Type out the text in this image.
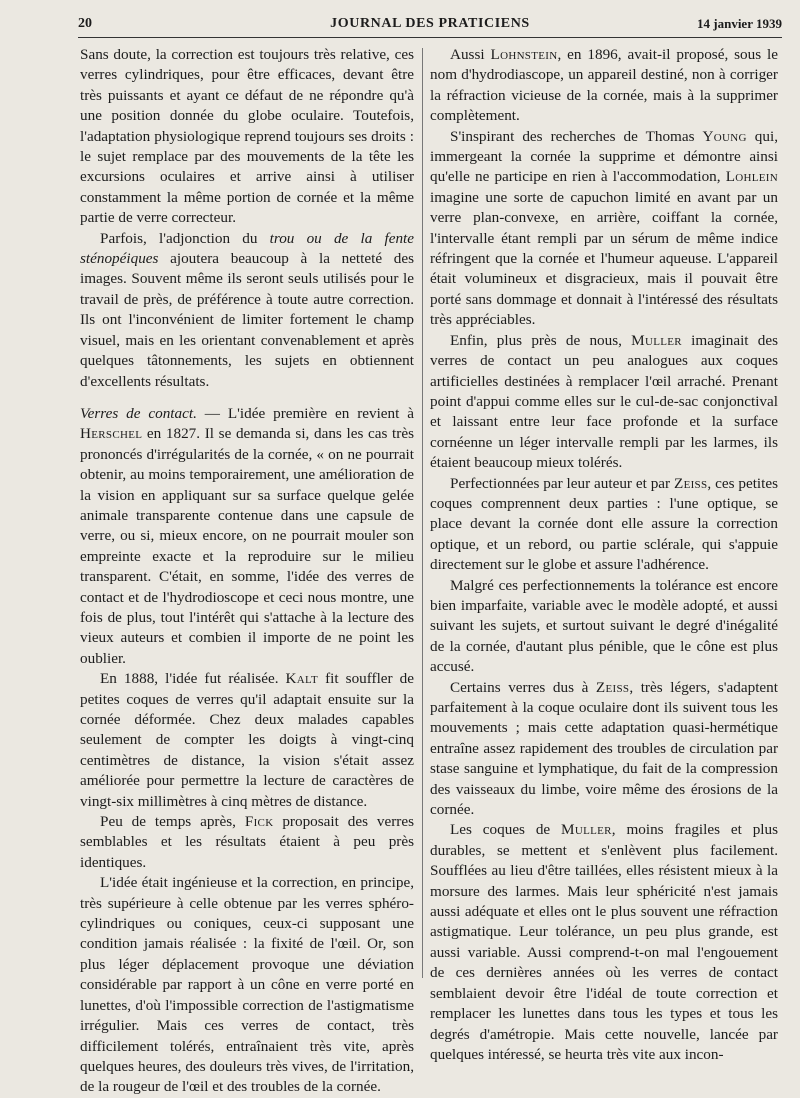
20	JOURNAL DES PRATICIENS	14 janvier 1939

Sans doute, la correction est toujours très relative, ces verres cylindriques, pour être efficaces, devant être très puissants et ayant ce défaut de ne répondre qu'à une position donnée du globe oculaire. Toutefois, l'adaptation physiologique reprend toujours ses droits : le sujet remplace par des mouvements de la tête les excursions oculaires et arrive ainsi à utiliser constamment la même portion de cornée et la même partie de verre correcteur.

Parfois, l'adjonction du trou ou de la fente sténopéiques ajoutera beaucoup à la netteté des images. Souvent même ils seront seuls utilisés pour le travail de près, de préférence à toute autre correction. Ils ont l'inconvénient de limiter fortement le champ visuel, mais en les orientant convenablement et après quelques tâtonnements, les sujets en obtiennent d'excellents résultats.

Verres de contact. — L'idée première en revient à Herschel en 1827. Il se demanda si, dans les cas très prononcés d'irrégularités de la cornée, « on ne pourrait obtenir, au moins temporairement, une amélioration de la vision en appliquant sur sa surface quelque gelée animale transparente contenue dans une capsule de verre, ou si, mieux encore, on ne pourrait mouler son empreinte exacte et la reproduire sur le milieu transparent. C'était, en somme, l'idée des verres de contact et de l'hydrodioscope et ceci nous montre, une fois de plus, tout l'intérêt qui s'attache à la lecture des vieux auteurs et combien il importe de ne point les oublier.

En 1888, l'idée fut réalisée. Kalt fit souffler de petites coques de verres qu'il adaptait ensuite sur la cornée déformée. Chez deux malades capables seulement de compter les doigts à vingt-cinq centimètres de distance, la vision s'était assez améliorée pour permettre la lecture de caractères de vingt-six millimètres à cinq mètres de distance.

Peu de temps après, Fick proposait des verres semblables et les résultats étaient à peu près identiques.

L'idée était ingénieuse et la correction, en principe, très supérieure à celle obtenue par les verres sphéro-cylindriques ou coniques, ceux-ci supposant une condition jamais réalisée : la fixité de l'œil. Or, son plus léger déplacement provoque une déviation considérable par rapport à un cône en verre porté en lunettes, d'où l'impossible correction de l'astigmatisme irrégulier. Mais ces verres de contact, très difficilement tolérés, entraînaient très vite, après quelques heures, des douleurs très vives, de l'irritation, de la rougeur de l'œil et des troubles de la cornée.

Aussi Lohnstein, en 1896, avait-il proposé, sous le nom d'hydrodiascope, un appareil destiné, non à corriger la réfraction vicieuse de la cornée, mais à la supprimer complètement.

S'inspirant des recherches de Thomas Young qui, immergeant la cornée la supprime et démontre ainsi qu'elle ne participe en rien à l'accommodation, Lohlein imagine une sorte de capuchon limité en avant par un verre plan-convexe, en arrière, coiffant la cornée, l'intervalle étant rempli par un sérum de même indice réfringent que la cornée et l'humeur aqueuse. L'appareil était volumineux et disgracieux, mais il pouvait être porté sans dommage et donnait à l'intéressé des résultats très appréciables.

Enfin, plus près de nous, Muller imaginait des verres de contact un peu analogues aux coques artificielles destinées à remplacer l'œil arraché. Prenant point d'appui comme elles sur le cul-de-sac conjonctival et laissant entre leur face profonde et la surface cornéenne un léger intervalle rempli par les larmes, ils étaient beaucoup mieux tolérés.

Perfectionnées par leur auteur et par Zeiss, ces petites coques comprennent deux parties : l'une optique, se place devant la cornée dont elle assure la correction optique, et un rebord, ou partie sclérale, qui s'appuie directement sur le globe et assure l'adhérence.

Malgré ces perfectionnements la tolérance est encore bien imparfaite, variable avec le modèle adopté, et aussi suivant les sujets, et surtout suivant le degré d'inégalité de la cornée, d'autant plus pénible, que le cône est plus accusé.

Certains verres dus à Zeiss, très légers, s'adaptent parfaitement à la coque oculaire dont ils suivent tous les mouvements ; mais cette adaptation quasi-hermétique entraîne assez rapidement des troubles de circulation par stase sanguine et lymphatique, du fait de la compression des vaisseaux du limbe, voire même des érosions de la cornée.

Les coques de Muller, moins fragiles et plus durables, se mettent et s'enlèvent plus facilement. Soufflées au lieu d'être taillées, elles résistent mieux à la morsure des larmes. Mais leur sphéricité n'est jamais aussi adéquate et elles ont le plus souvent une réfraction astigmatique. Leur tolérance, un peu plus grande, est aussi variable. Aussi comprend-t-on mal l'engouement de ces dernières années où les verres de contact semblaient devoir être l'idéal de toute correction et remplacer les lunettes dans tous les types et tous les degrés d'amétropie. Mais cette nouvelle, lancée par quelques intéressé, se heurta très vite aux incon-
